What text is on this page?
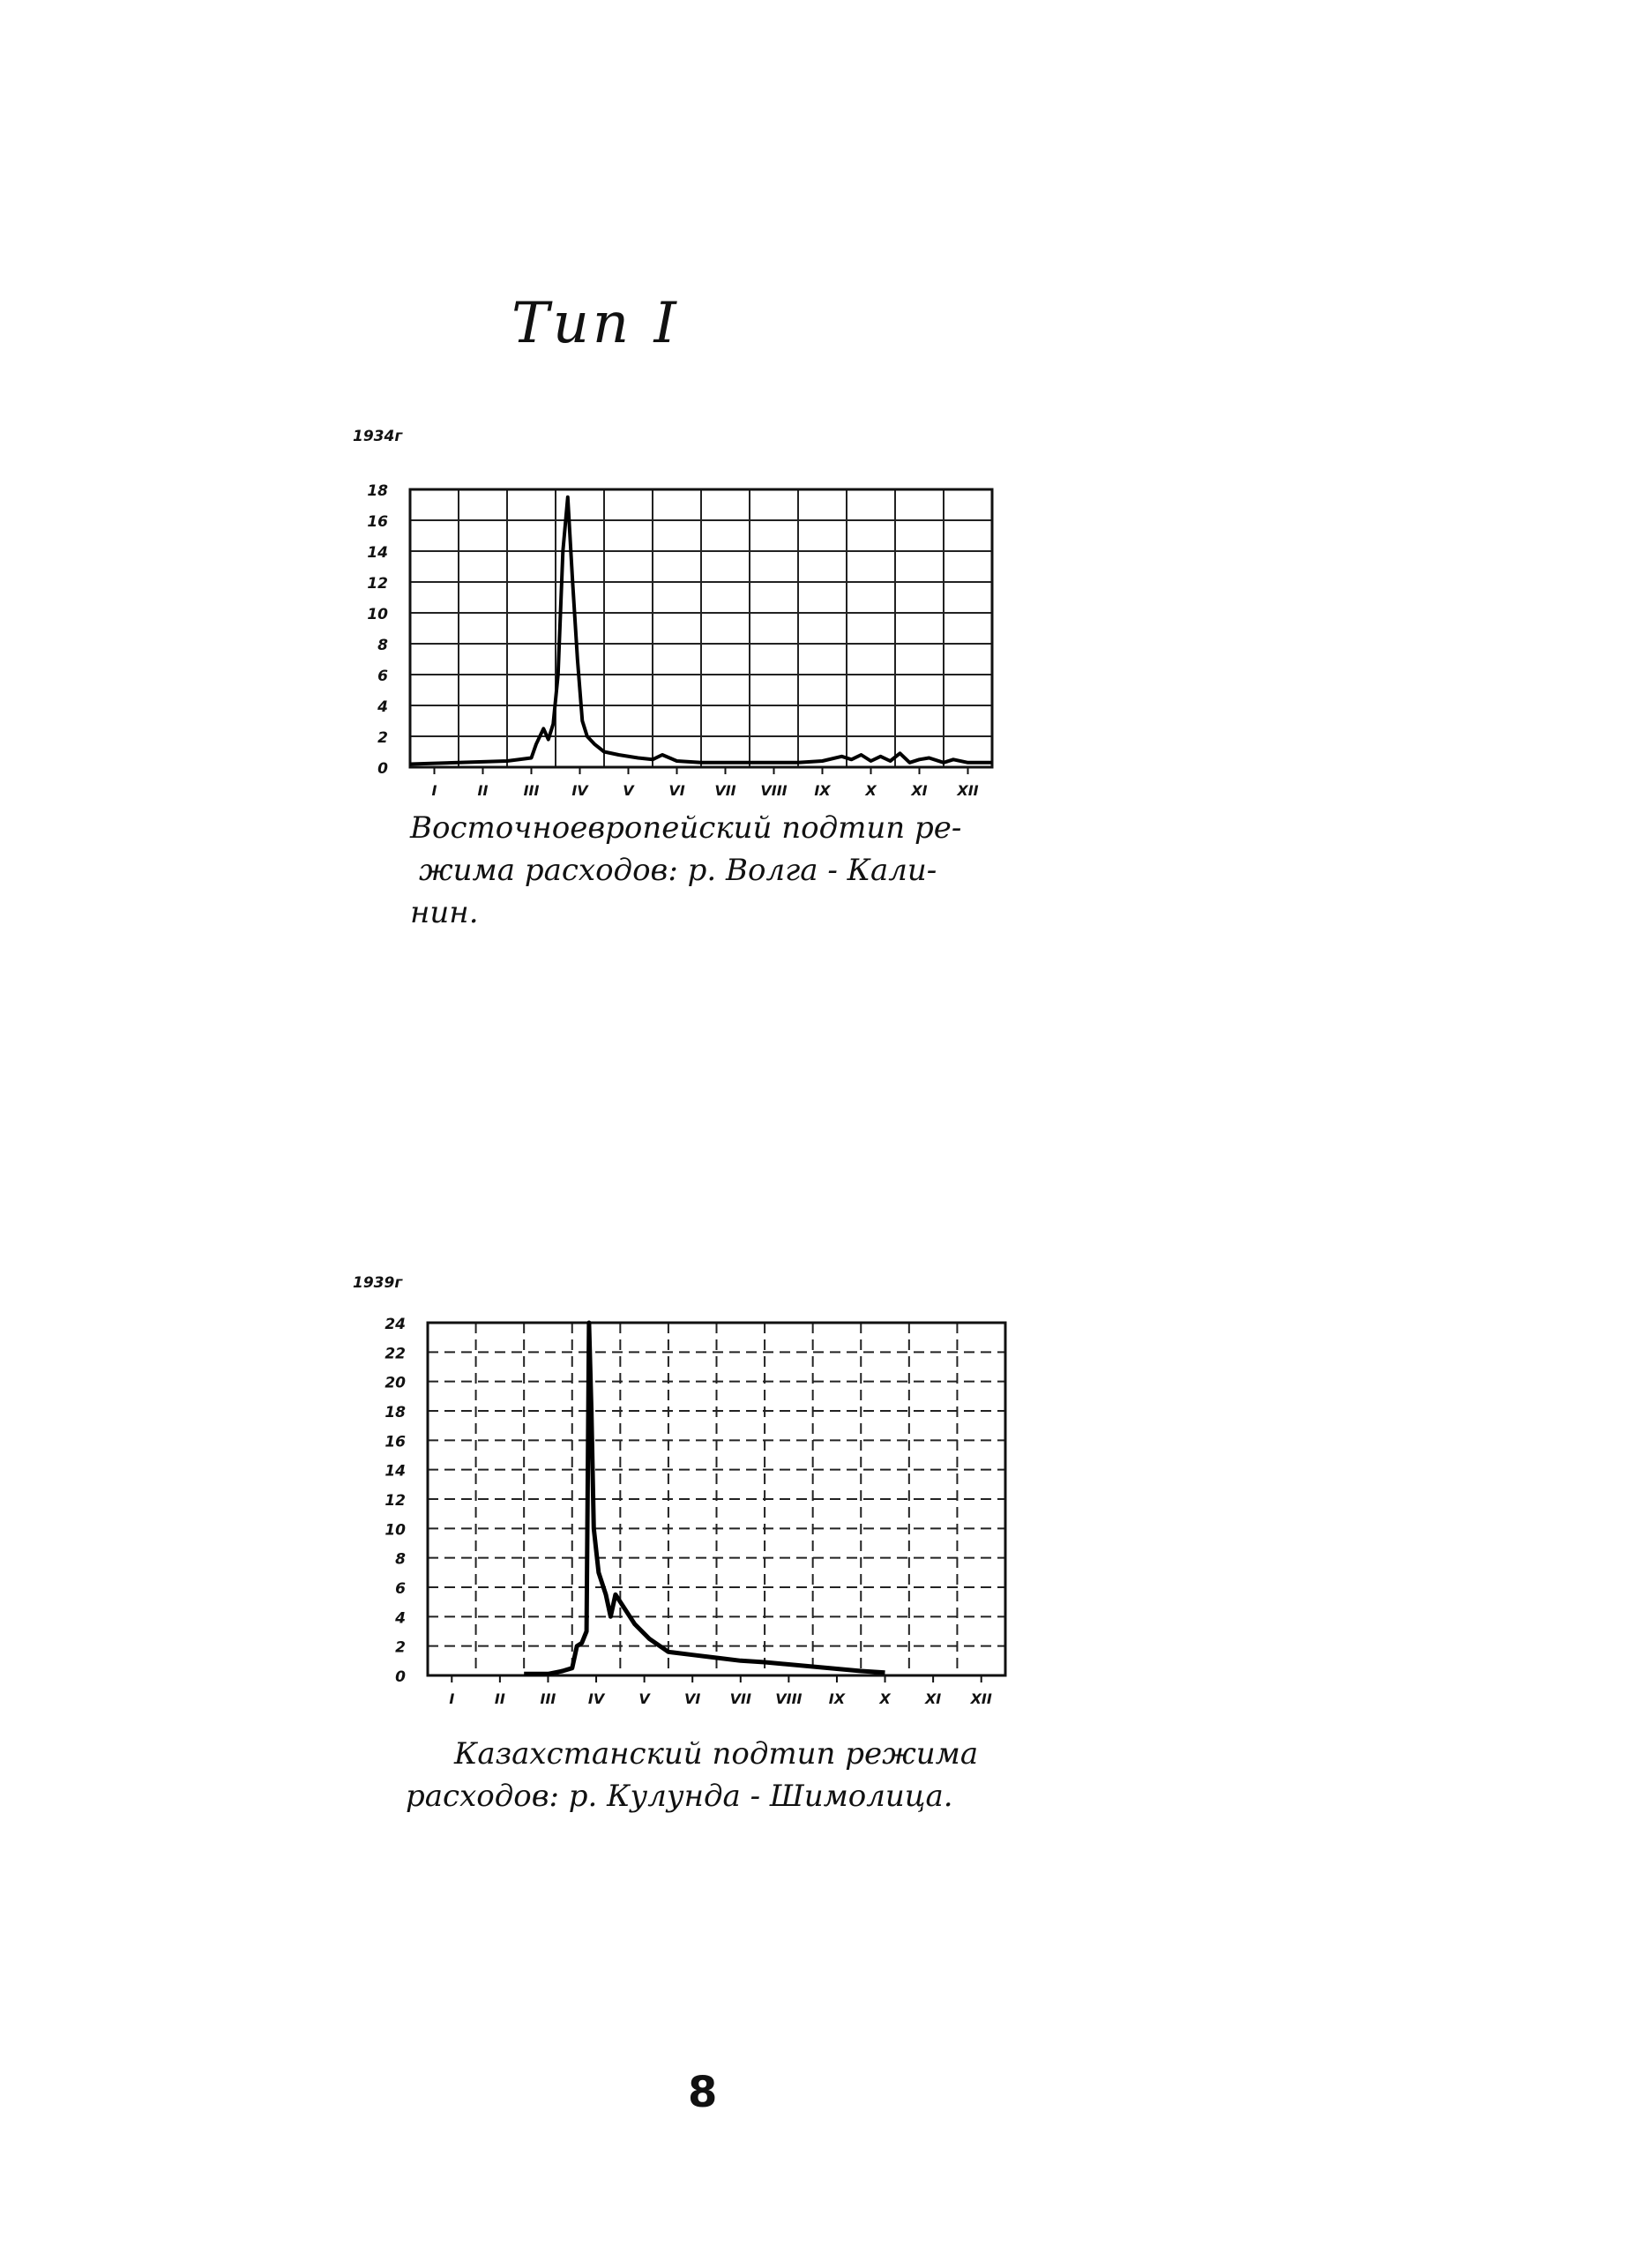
Тип I
0
2
4
6
8
10
12
14
16
18
I	II	III IV V VI VII VIII IX X XI XII
1934г
Восточноевропейский подтип ре-
жима расходов: р. Волга - Кали-
нин.
0
2
4
6
8
10
12
14
16
18
20
22
24
I	II III IV V VI VII VIII IX X XI XII
1939г
Казахстанский подтип режима
расходов: р. Кулунда - Шимолица.
8
